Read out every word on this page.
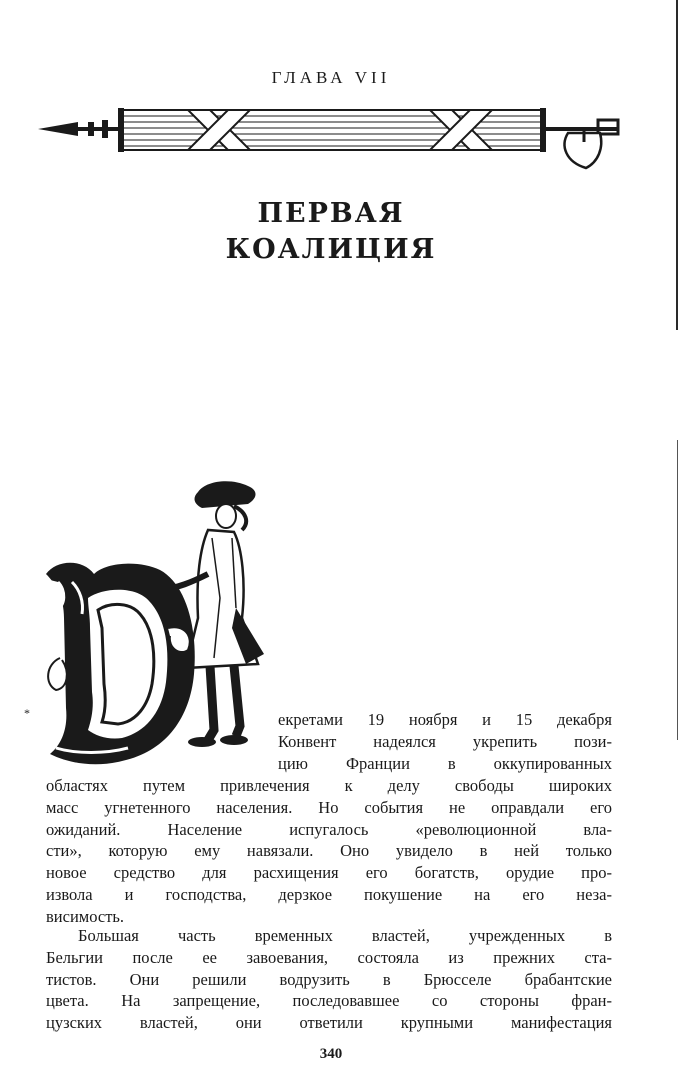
ГЛАВА VII
ПЕРВАЯ
КОАЛИЦИЯ
*	екретами 19 ноября и 15 декабря
Конвент надеялся укрепить пози-
цию Франции в оккупированных
областях путем привлечения к делу свободы широких
масс угнетенного населения. Но события не оправдали его
ожиданий. Население испугалось «революционной вла-
сти», которую ему навязали. Оно увидело в ней только
новое средство для расхищения его богатств, орудие про-
извола и господства, дерзкое покушение на его неза-
висимость.
Большая часть временных властей, учрежденных в
Бельгии после ее завоевания, состояла из прежних ста-
тистов. Они решили водрузить в Брюсселе брабантские
цвета. На запрещение, последовавшее со стороны фран-
цузских властей, они ответили крупными манифестация
340
